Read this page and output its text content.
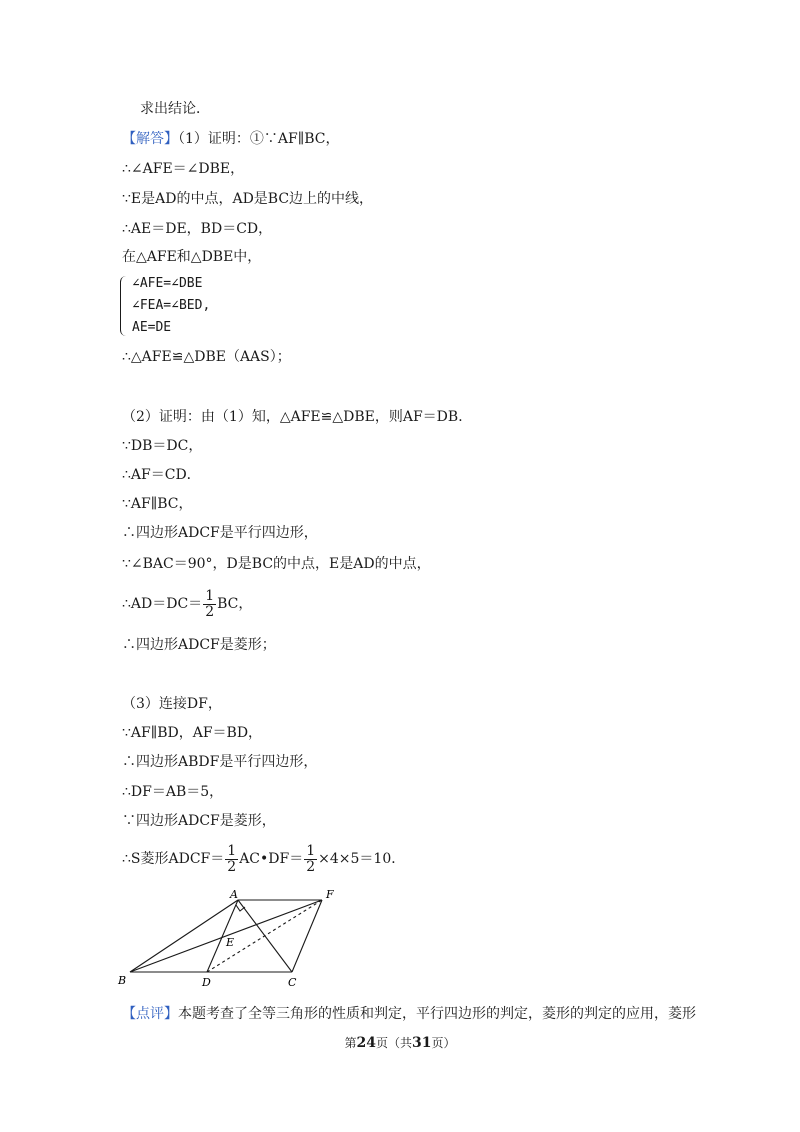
求出结论．
【解答】（1）证明：①∵AF∥BC，
∴∠AFE＝∠DBE，
∵E是AD的中点，AD是BC边上的中线，
∴AE＝DE，BD＝CD，
在△AFE和△DBE中，
∠AFE=∠DBE
∠FEA=∠BED,
AE=DE
∴△AFE≌△DBE（AAS）；
（2）证明：由（1）知，△AFE≌△DBE，则AF＝DB．
∵DB＝DC，
∴AF＝CD．
∵AF∥BC，
∴四边形ADCF是平行四边形，
∵∠BAC＝90°，D是BC的中点，E是AD的中点，
∴AD＝DC＝ $\frac{1}{2}$ BC，
∴四边形ADCF是菱形；
（3）连接DF，
∵AF∥BD，AF＝BD，
∴四边形ABDF是平行四边形，
∴DF＝AB＝5，
∵四边形ADCF是菱形，
∴S菱形ADCF＝ $\frac{1}{2}$ AC•DF＝ $\frac{1}{2} \times 4\times 5=10$．
A
B	C
D
E
F
【点评】本题考查了全等三角形的性质和判定，平行四边形的判定，菱形的判定的应用，菱形
第24页（共31页）
